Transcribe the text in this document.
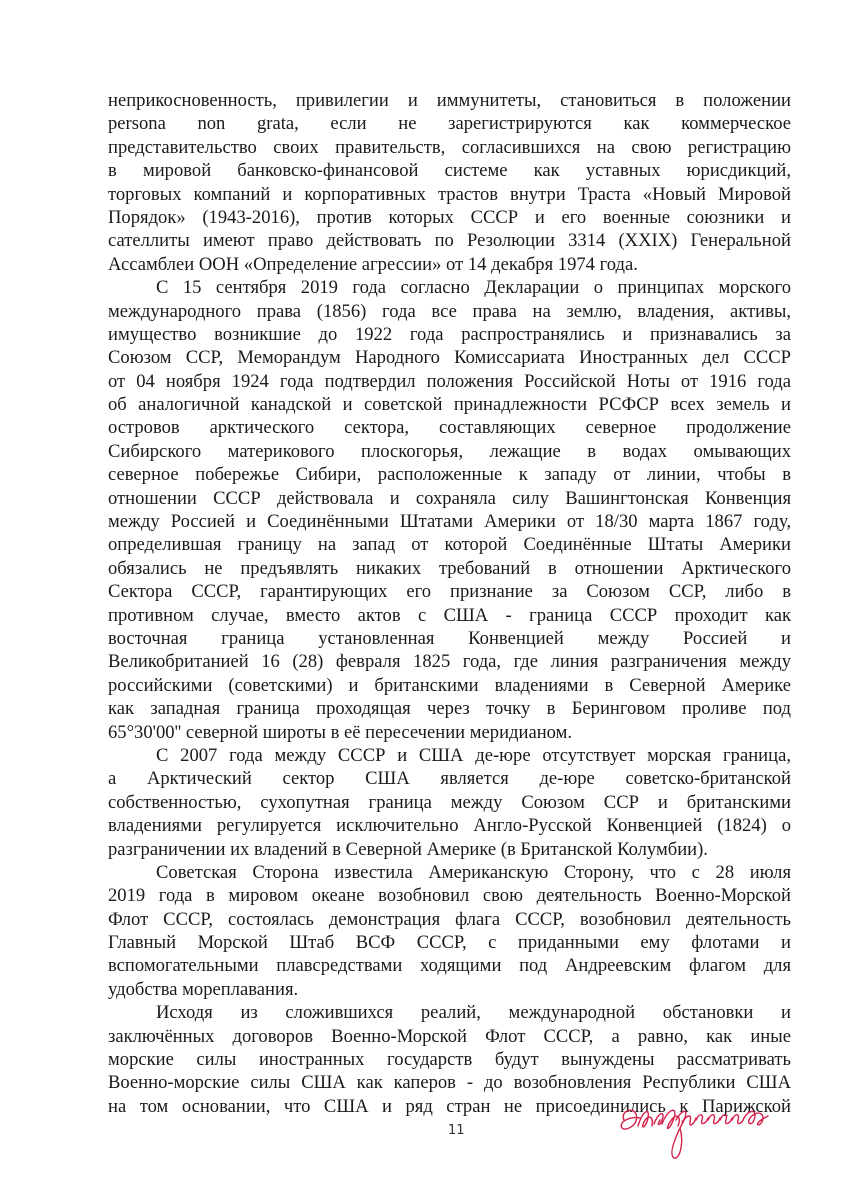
неприкосновенность, привилегии и иммунитеты, становиться в положении
persona non grata, если не зарегистрируются как коммерческое
представительство своих правительств, согласившихся на свою регистрацию
в мировой банковско-финансовой системе как уставных юрисдикций,
торговых компаний и корпоративных трастов внутри Траста «Новый Мировой
Порядок» (1943-2016), против которых СССР и его военные союзники и
сателлиты имеют право действовать по Резолюции 3314 (XXIX) Генеральной
Ассамблеи ООН «Определение агрессии» от 14 декабря 1974 года.
С 15 сентября 2019 года согласно Декларации о принципах морского
международного права (1856) года все права на землю, владения, активы,
имущество возникшие до 1922 года распространялись и признавались за
Союзом ССР, Меморандум Народного Комиссариата Иностранных дел СССР
от 04 ноября 1924 года подтвердил положения Российской Ноты от 1916 года
об аналогичной канадской и советской принадлежности РСФСР всех земель и
островов арктического сектора, составляющих северное продолжение
Сибирского материкового плоскогорья, лежащие в водах омывающих
северное побережье Сибири, расположенные к западу от линии, чтобы в
отношении СССР действовала и сохраняла силу Вашингтонская Конвенция
между Россией и Соединёнными Штатами Америки от 18/30 марта 1867 году,
определившая границу на запад от которой Соединённые Штаты Америки
обязались не предъявлять никаких требований в отношении Арктического
Сектора СССР, гарантирующих его признание за Союзом ССР, либо в
противном случае, вместо актов с США - граница СССР проходит как
восточная граница установленная Конвенцией между Россией и
Великобританией 16 (28) февраля 1825 года, где линия разграничения между
российскими (советскими) и британскими владениями в Северной Америке
как западная граница проходящая через точку в Беринговом проливе под
65°30'00'' северной широты в её пересечении меридианом.
С 2007 года между СССР и США де-юре отсутствует морская граница,
а Арктический сектор США является де-юре советско-британской
собственностью, сухопутная граница между Союзом ССР и британскими
владениями регулируется исключительно Англо-Русской Конвенцией (1824) о
разграничении их владений в Северной Америке (в Британской Колумбии).
Советская Сторона известила Американскую Сторону, что с 28 июля
2019 года в мировом океане возобновил свою деятельность Военно-Морской
Флот СССР, состоялась демонстрация флага СССР, возобновил деятельность
Главный Морской Штаб ВСФ СССР, с приданными ему флотами и
вспомогательными плавсредствами ходящими под Андреевским флагом для
удобства мореплавания.
Исходя из сложившихся реалий, международной обстановки и
заключённых договоров Военно-Морской Флот СССР, а равно, как иные
морские силы иностранных государств будут вынуждены рассматривать
Военно-морские силы США как каперов - до возобновления Республики США
на том основании, что США и ряд стран не присоединились к Парижской
11
